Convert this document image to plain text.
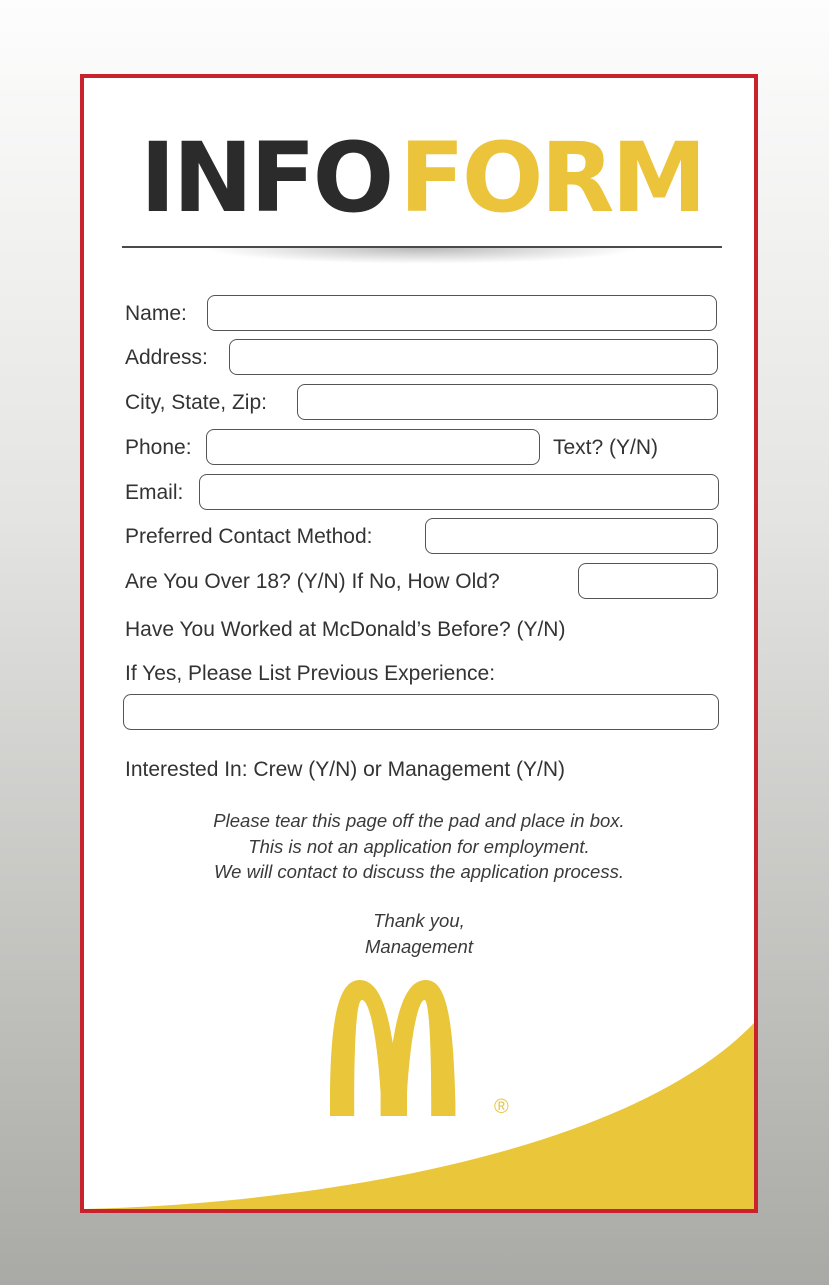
INFOFORM
Name:
Address:
City, State, Zip:
Phone:	Text? (Y/N)
Email:
Preferred Contact Method:
Are You Over 18? (Y/N) If No, How Old?
Have You Worked at McDonald’s Before? (Y/N)
If Yes, Please List Previous Experience:
Interested In: Crew (Y/N) or Management (Y/N)
Please tear this page off the pad and place in box.
This is not an application for employment.
We will contact to discuss the application process.
Thank you,
Management
®
